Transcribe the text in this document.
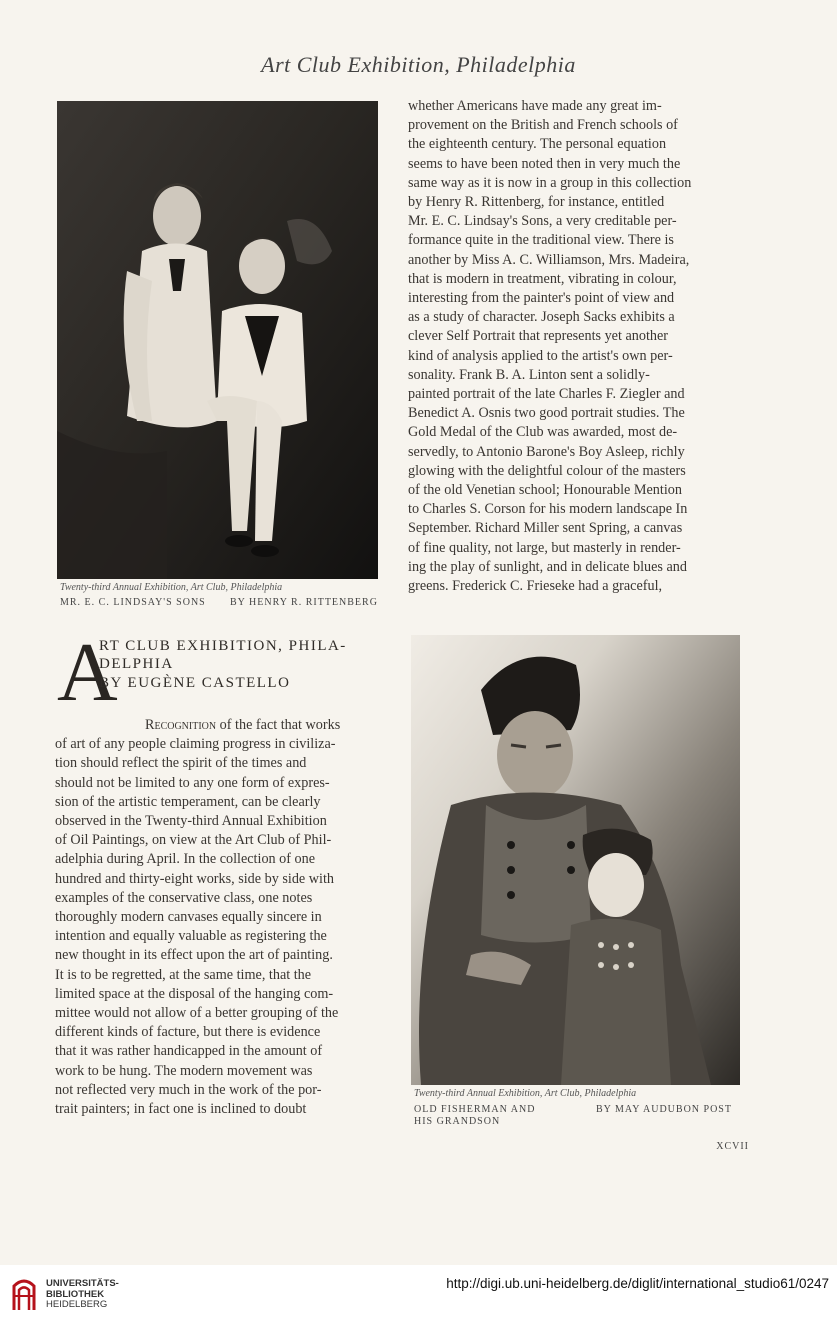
Art Club Exhibition, Philadelphia
Twenty-third Annual Exhibition, Art Club, Philadelphia
MR. E. C. LINDSAY'S SONS BY HENRY R. RITTENBERG

whether Americans have made any great im-

provement on the British and French schools of

the eighteenth century. The personal equation

seems to have been noted then in very much the

same way as it is now in a group in this collection

by Henry R. Rittenberg, for instance, entitled

Mr. E. C. Lindsay's Sons, a very creditable per-

formance quite in the traditional view. There is

another by Miss A. C. Williamson, Mrs. Madeira,

that is modern in treatment, vibrating in colour,

interesting from the painter's point of view and

as a study of character. Joseph Sacks exhibits a

clever Self Portrait that represents yet another

kind of analysis applied to the artist's own per-

sonality. Frank B. A. Linton sent a solidly-

painted portrait of the late Charles F. Ziegler and

Benedict A. Osnis two good portrait studies. The

Gold Medal of the Club was awarded, most de-

servedly, to Antonio Barone's Boy Asleep, richly

glowing with the delightful colour of the masters

of the old Venetian school; Honourable Mention

to Charles S. Corson for his modern landscape In

September. Richard Miller sent Spring, a canvas

of fine quality, not large, but masterly in render-

ing the play of sunlight, and in delicate blues and

greens. Frederick C. Frieseke had a graceful,

A
RT CLUB EXHIBITION, PHILA-
DELPHIA
BY EUGÈNE CASTELLO

Recognition of the fact that works

of art of any people claiming progress in civiliza-

tion should reflect the spirit of the times and

should not be limited to any one form of expres-

sion of the artistic temperament, can be clearly

observed in the Twenty-third Annual Exhibition

of Oil Paintings, on view at the Art Club of Phil-

adelphia during April. In the collection of one

hundred and thirty-eight works, side by side with

examples of the conservative class, one notes

thoroughly modern canvases equally sincere in

intention and equally valuable as registering the

new thought in its effect upon the art of painting.

It is to be regretted, at the same time, that the

limited space at the disposal of the hanging com-

mittee would not allow of a better grouping of the

different kinds of facture, but there is evidence

that it was rather handicapped in the amount of

work to be hung. The modern movement was

not reflected very much in the work of the por-

trait painters; in fact one is inclined to doubt

Twenty-third Annual Exhibition, Art Club, Philadelphia
OLD FISHERMAN AND
HIS GRANDSON
BY MAY AUDUBON POST
XCVII
UNIVERSITÄTS-
BIBLIOTHEK
HEIDELBERG
http://digi.ub.uni-heidelberg.de/diglit/international_studio61/0247
